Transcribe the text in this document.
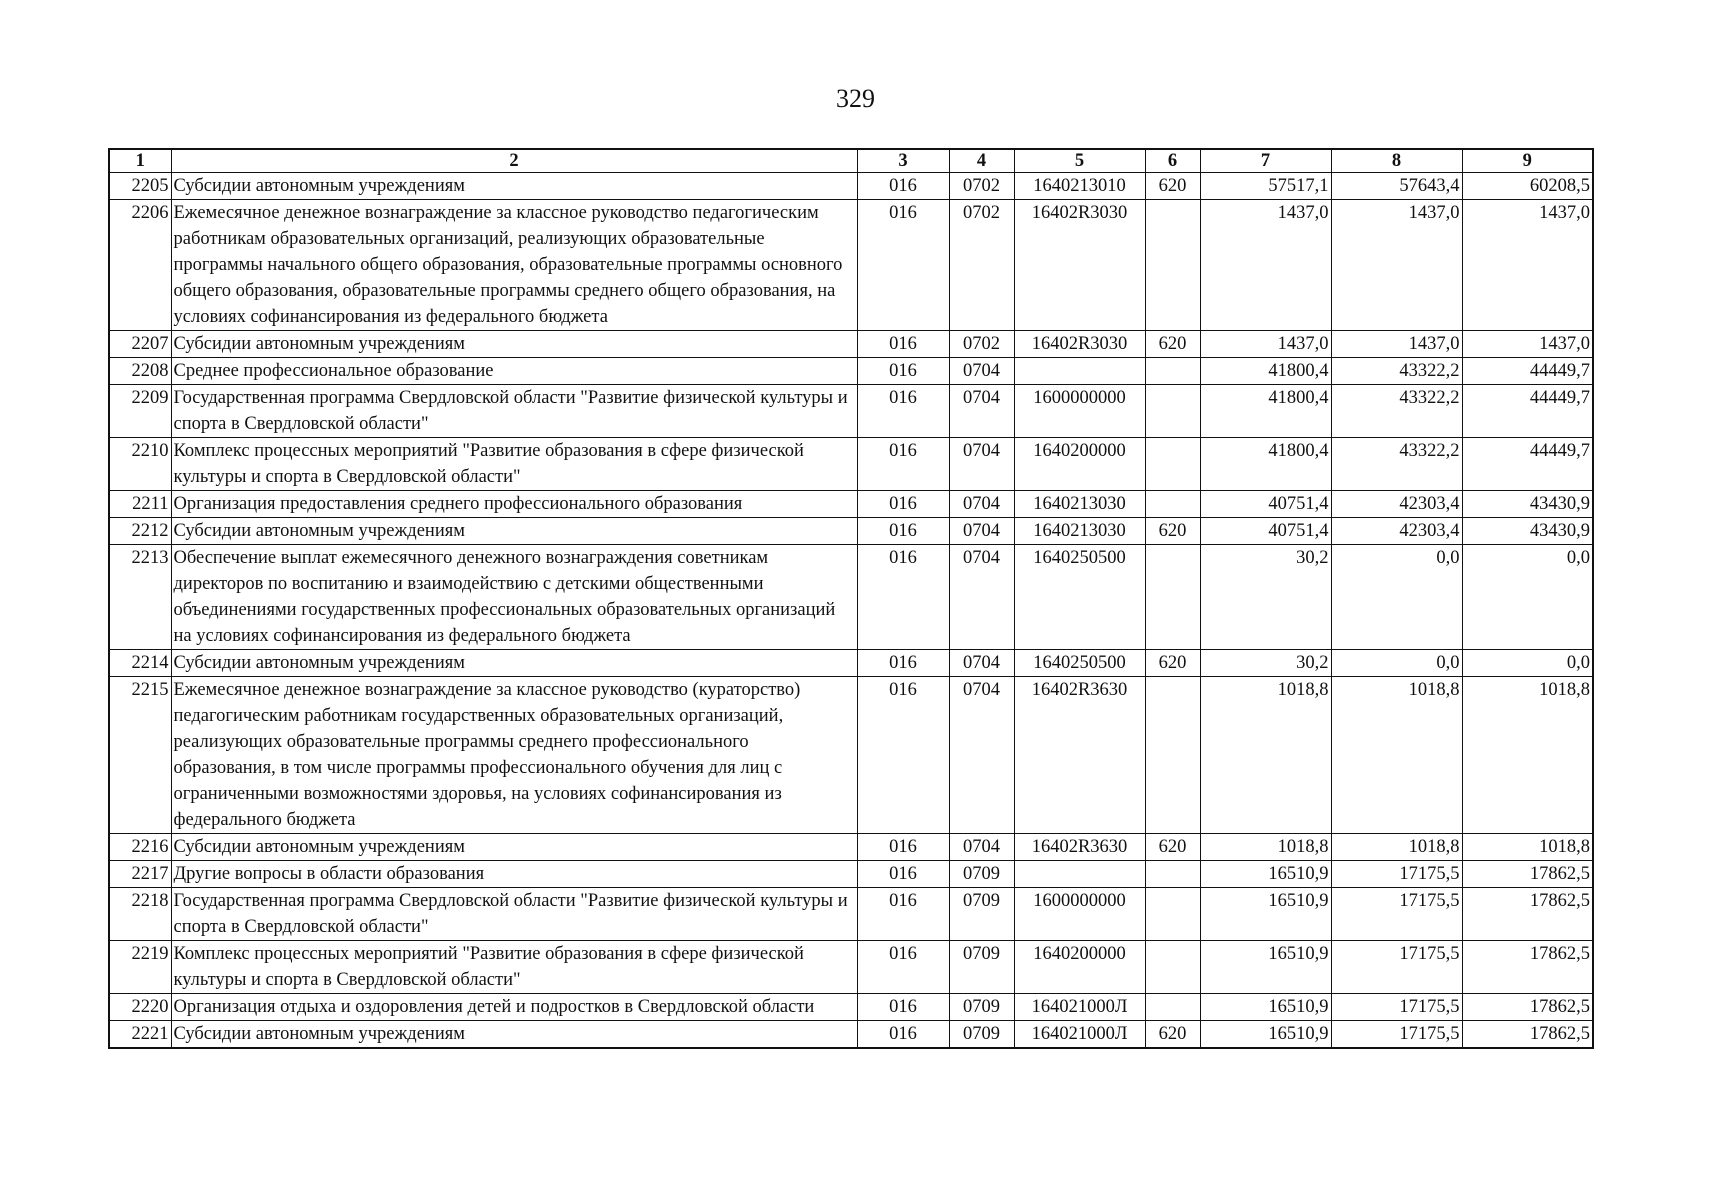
329
1	2	3	4	5	6	7	8	9
2205	Субсидии автономным учреждениям	016	0702	1640213010	620	57517,1	57643,4	60208,5
2206	Ежемесячное денежное вознаграждение за классное руководство педагогическим работникам образовательных организаций, реализующих образовательные программы начального общего образования, образовательные программы основного общего образования, образовательные программы среднего общего образования, на условиях софинансирования из федерального бюджета	016	0702	16402R3030		1437,0	1437,0	1437,0
2207	Субсидии автономным учреждениям	016	0702	16402R3030	620	1437,0	1437,0	1437,0
2208	Среднее профессиональное образование	016	0704			41800,4	43322,2	44449,7
2209	Государственная программа Свердловской области "Развитие физической культуры и спорта в Свердловской области"	016	0704	1600000000		41800,4	43322,2	44449,7
2210	Комплекс процессных мероприятий "Развитие образования в сфере физической культуры и спорта в Свердловской области"	016	0704	1640200000		41800,4	43322,2	44449,7
2211	Организация предоставления среднего профессионального образования	016	0704	1640213030		40751,4	42303,4	43430,9
2212	Субсидии автономным учреждениям	016	0704	1640213030	620	40751,4	42303,4	43430,9
2213	Обеспечение выплат ежемесячного денежного вознаграждения советникам директоров по воспитанию и взаимодействию с детскими общественными объединениями государственных профессиональных образовательных организаций на условиях софинансирования из федерального бюджета	016	0704	1640250500		30,2	0,0	0,0
2214	Субсидии автономным учреждениям	016	0704	1640250500	620	30,2	0,0	0,0
2215	Ежемесячное денежное вознаграждение за классное руководство (кураторство) педагогическим работникам государственных образовательных организаций, реализующих образовательные программы среднего профессионального образования, в том числе программы профессионального обучения для лиц с ограниченными возможностями здоровья, на условиях софинансирования из федерального бюджета	016	0704	16402R3630		1018,8	1018,8	1018,8
2216	Субсидии автономным учреждениям	016	0704	16402R3630	620	1018,8	1018,8	1018,8
2217	Другие вопросы в области образования	016	0709			16510,9	17175,5	17862,5
2218	Государственная программа Свердловской области "Развитие физической культуры и спорта в Свердловской области"	016	0709	1600000000		16510,9	17175,5	17862,5
2219	Комплекс процессных мероприятий "Развитие образования в сфере физической культуры и спорта в Свердловской области"	016	0709	1640200000		16510,9	17175,5	17862,5
2220	Организация отдыха и оздоровления детей и подростков в Свердловской области	016	0709	164021000Л		16510,9	17175,5	17862,5
2221	Субсидии автономным учреждениям	016	0709	164021000Л	620	16510,9	17175,5	17862,5
